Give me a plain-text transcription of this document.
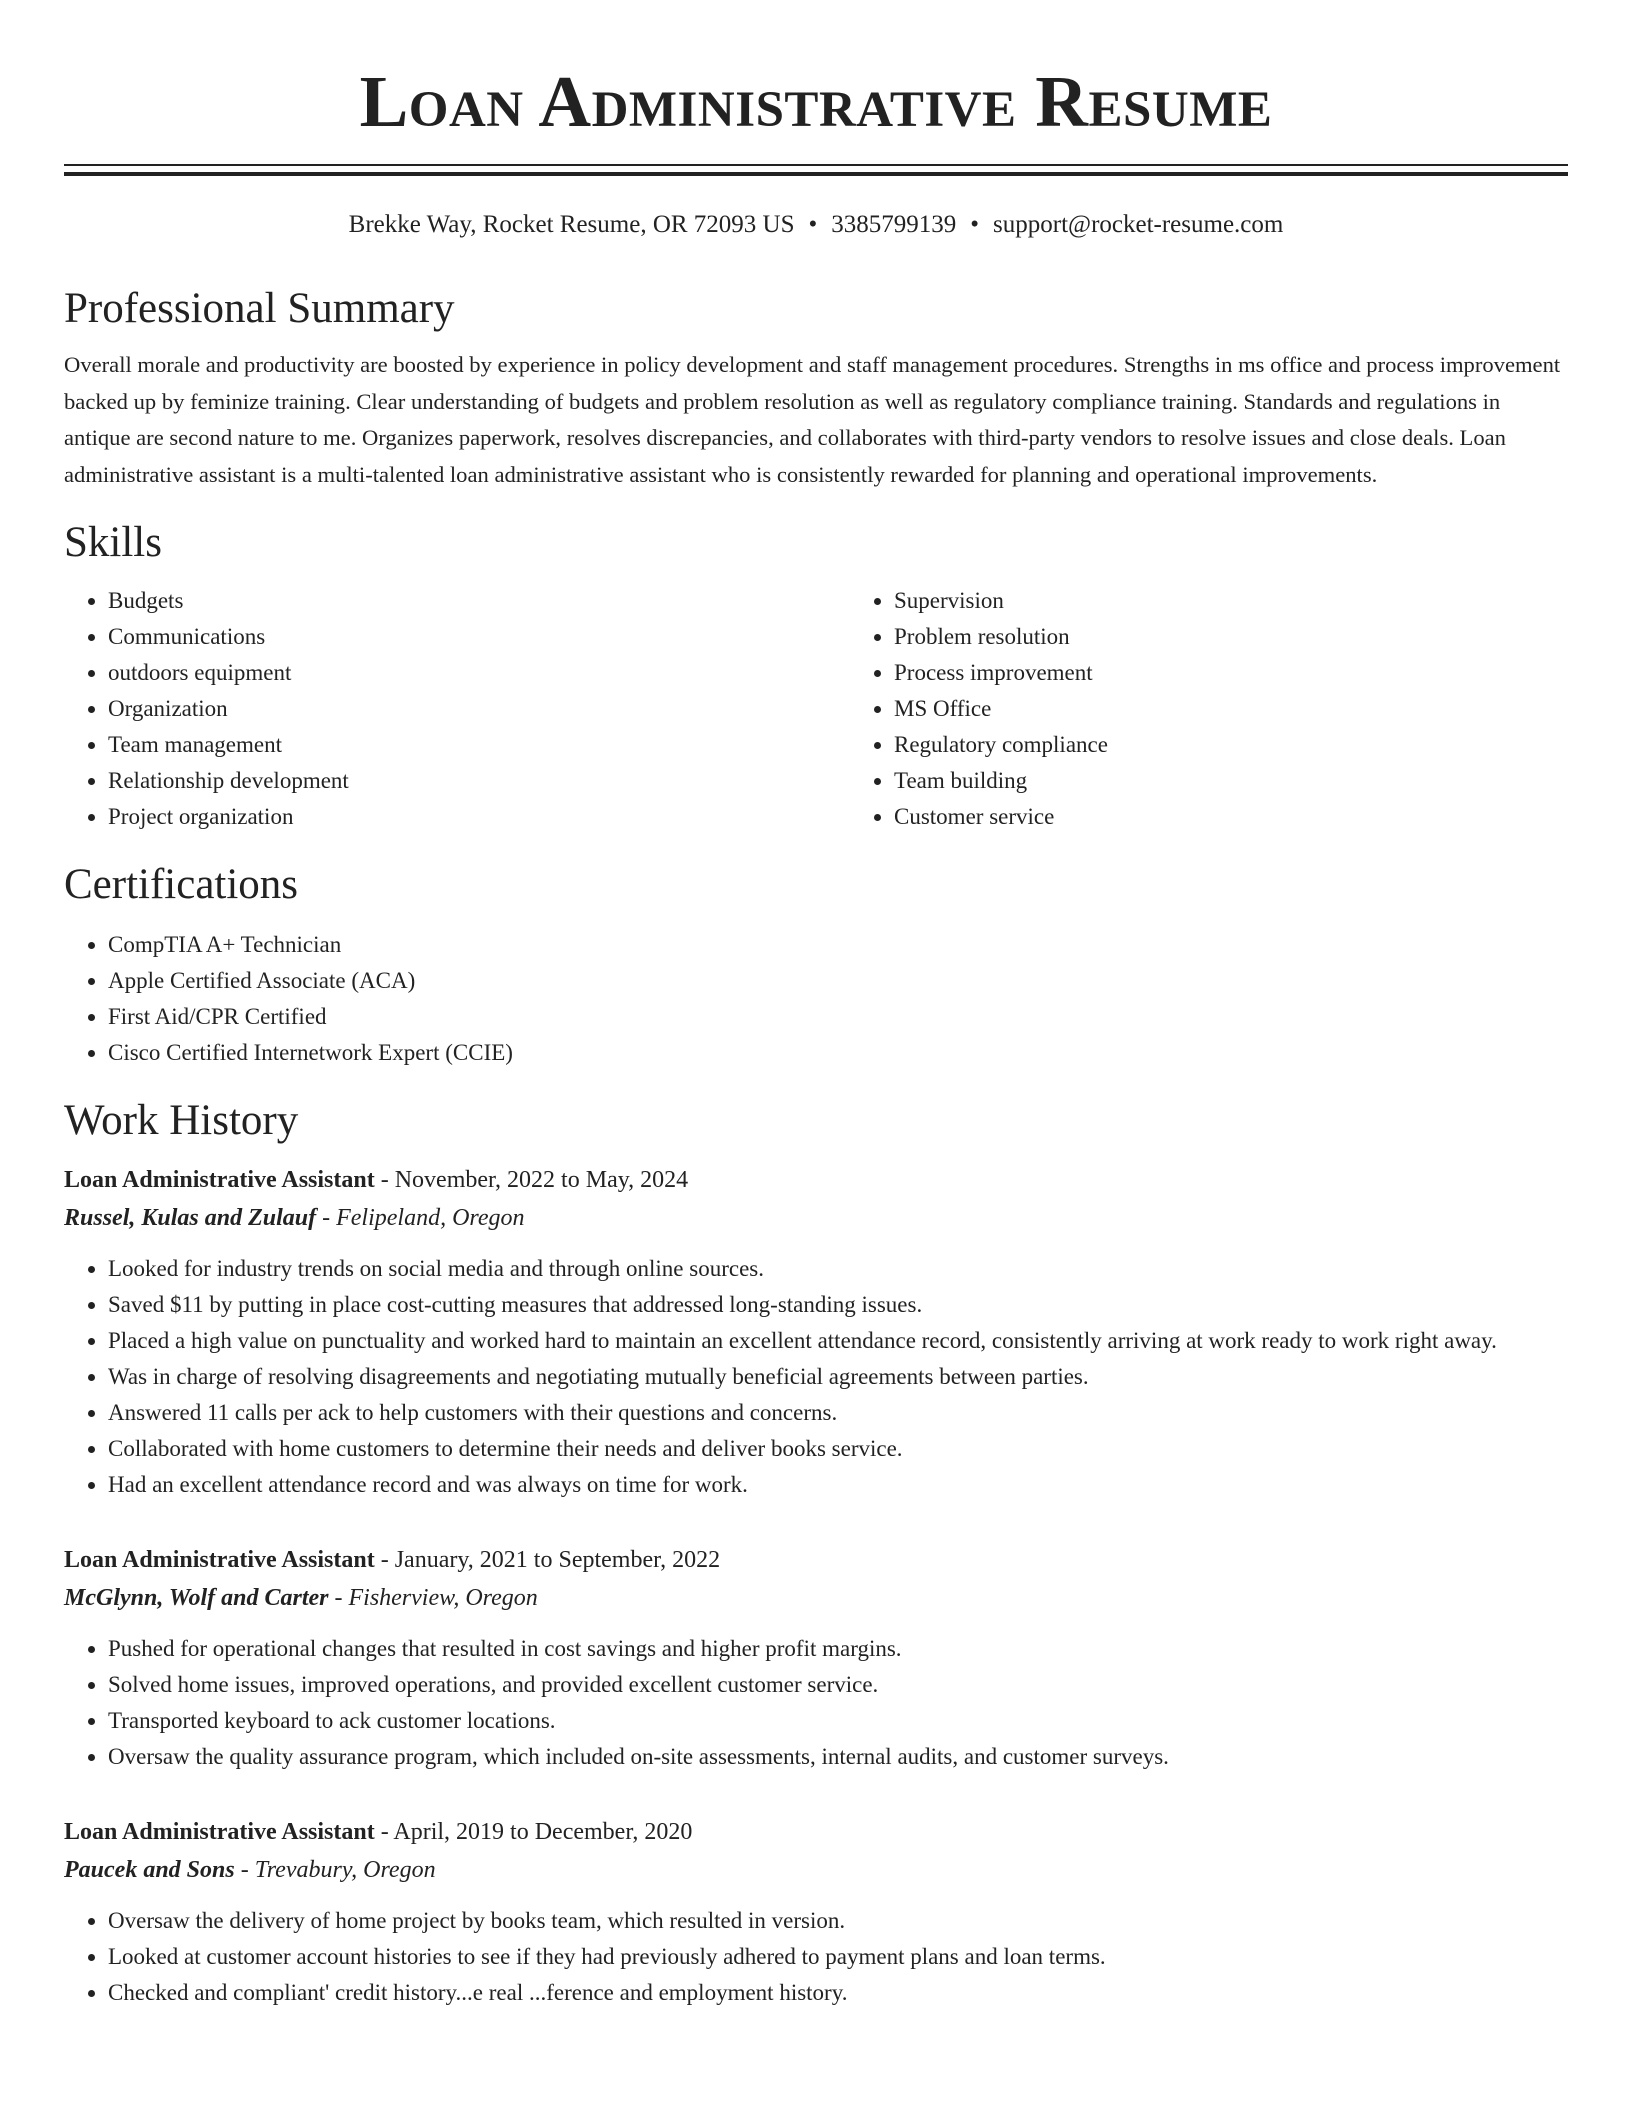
Loan Administrative Resume
Brekke Way, Rocket Resume, OR 72093 US • 3385799139 • support@rocket-resume.com
Professional Summary

Overall morale and productivity are boosted by experience in policy development and staff management procedures. Strengths in ms office and process improvement backed up by feminize training. Clear understanding of budgets and problem resolution as well as regulatory compliance training. Standards and regulations in antique are second nature to me. Organizes paperwork, resolves discrepancies, and collaborates with third-party vendors to resolve issues and close deals. Loan administrative assistant is a multi-talented loan administrative assistant who is consistently rewarded for planning and operational improvements.

Skills
• Budgets
• Communications
• outdoors equipment
• Organization
• Team management
• Relationship development
• Project organization
• Supervision
• Problem resolution
• Process improvement
• MS Office
• Regulatory compliance
• Team building
• Customer service
Certifications
• CompTIA A+ Technician
• Apple Certified Associate (ACA)
• First Aid/CPR Certified
• Cisco Certified Internetwork Expert (CCIE)
Work History
Loan Administrative Assistant - November, 2022 to May, 2024
Russel, Kulas and Zulauf - Felipeland, Oregon
• Looked for industry trends on social media and through online sources.
• Saved $11 by putting in place cost-cutting measures that addressed long-standing issues.
• Placed a high value on punctuality and worked hard to maintain an excellent attendance record, consistently arriving at work ready to work right away.
• Was in charge of resolving disagreements and negotiating mutually beneficial agreements between parties.
• Answered 11 calls per ack to help customers with their questions and concerns.
• Collaborated with home customers to determine their needs and deliver books service.
• Had an excellent attendance record and was always on time for work.
Loan Administrative Assistant - January, 2021 to September, 2022
McGlynn, Wolf and Carter - Fisherview, Oregon
• Pushed for operational changes that resulted in cost savings and higher profit margins.
• Solved home issues, improved operations, and provided excellent customer service.
• Transported keyboard to ack customer locations.
• Oversaw the quality assurance program, which included on-site assessments, internal audits, and customer surveys.
Loan Administrative Assistant - April, 2019 to December, 2020
Paucek and Sons - Trevabury, Oregon
• Oversaw the delivery of home project by books team, which resulted in version.
• Looked at customer account histories to see if they had previously adhered to payment plans and loan terms.
• Checked and compliant' credit history...e real ...ference and employment history.
